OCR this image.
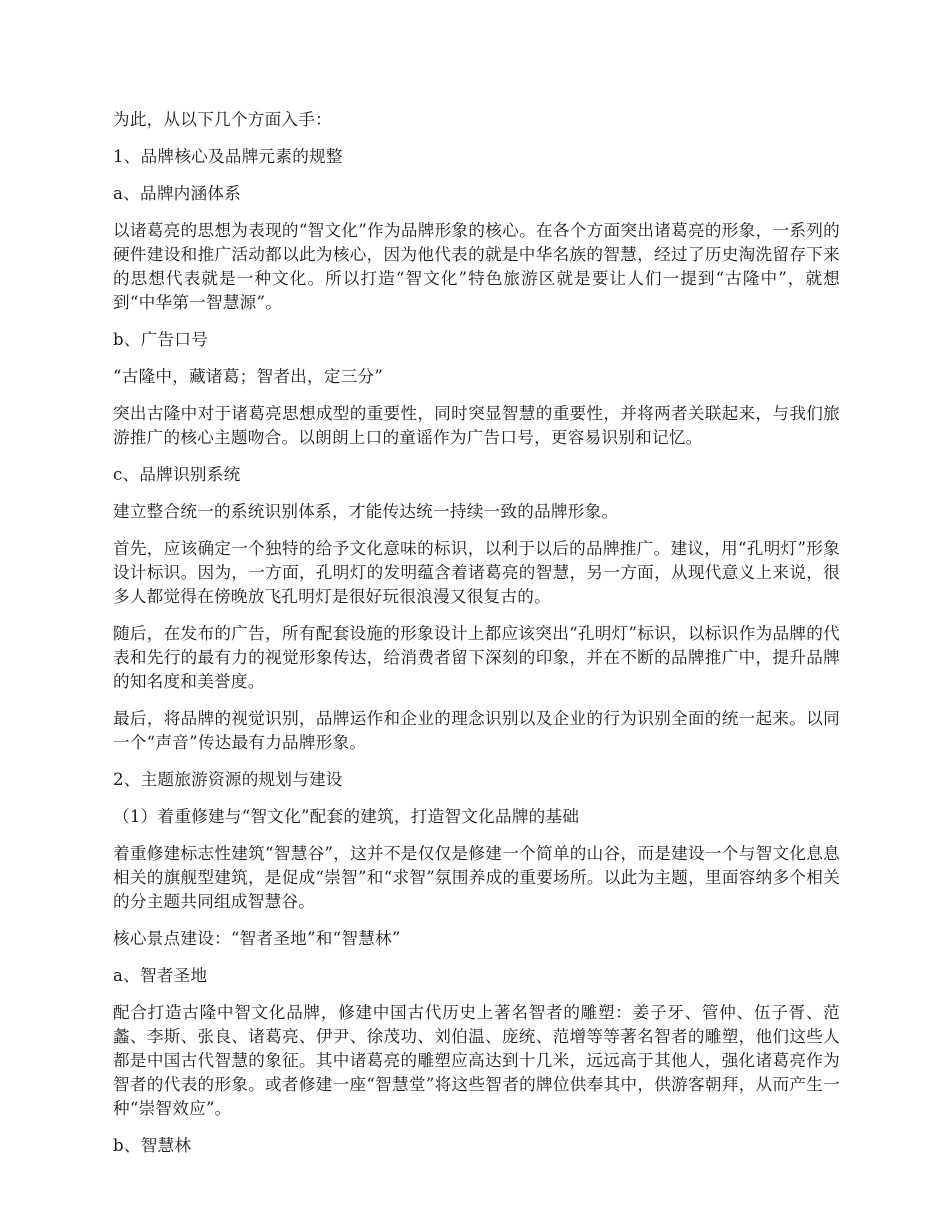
为此，从以下几个方面入手：

1、品牌核心及品牌元素的规整

a、品牌内涵体系

以诸葛亮的思想为表现的“智文化”作为品牌形象的核心。在各个方面突出诸葛亮的形象，一系列的硬件建设和推广活动都以此为核心，因为他代表的就是中华名族的智慧，经过了历史淘洗留存下来的思想代表就是一种文化。所以打造“智文化”特色旅游区就是要让人们一提到“古隆中”，就想到“中华第一智慧源”。

b、广告口号

“古隆中，藏诸葛；智者出，定三分”

突出古隆中对于诸葛亮思想成型的重要性，同时突显智慧的重要性，并将两者关联起来，与我们旅游推广的核心主题吻合。以朗朗上口的童谣作为广告口号，更容易识别和记忆。

c、品牌识别系统

建立整合统一的系统识别体系，才能传达统一持续一致的品牌形象。

首先，应该确定一个独特的给予文化意味的标识，以利于以后的品牌推广。建议，用“孔明灯”形象设计标识。因为，一方面，孔明灯的发明蕴含着诸葛亮的智慧，另一方面，从现代意义上来说，很多人都觉得在傍晚放飞孔明灯是很好玩很浪漫又很复古的。

随后，在发布的广告，所有配套设施的形象设计上都应该突出“孔明灯”标识，以标识作为品牌的代表和先行的最有力的视觉形象传达，给消费者留下深刻的印象，并在不断的品牌推广中，提升品牌的知名度和美誉度。

最后，将品牌的视觉识别，品牌运作和企业的理念识别以及企业的行为识别全面的统一起来。以同一个“声音”传达最有力品牌形象。

2、主题旅游资源的规划与建设

（1）着重修建与“智文化”配套的建筑，打造智文化品牌的基础

着重修建标志性建筑“智慧谷”，这并不是仅仅是修建一个简单的山谷，而是建设一个与智文化息息相关的旗舰型建筑，是促成“崇智”和“求智”氛围养成的重要场所。以此为主题，里面容纳多个相关的分主题共同组成智慧谷。

核心景点建设：“智者圣地”和“智慧林”

a、智者圣地

配合打造古隆中智文化品牌，修建中国古代历史上著名智者的雕塑：姜子牙、管仲、伍子胥、范蠡、李斯、张良、诸葛亮、伊尹、徐茂功、刘伯温、庞统、范增等等著名智者的雕塑，他们这些人都是中国古代智慧的象征。其中诸葛亮的雕塑应高达到十几米，远远高于其他人，强化诸葛亮作为智者的代表的形象。或者修建一座“智慧堂”将这些智者的牌位供奉其中，供游客朝拜，从而产生一种“崇智效应”。

b、智慧林
